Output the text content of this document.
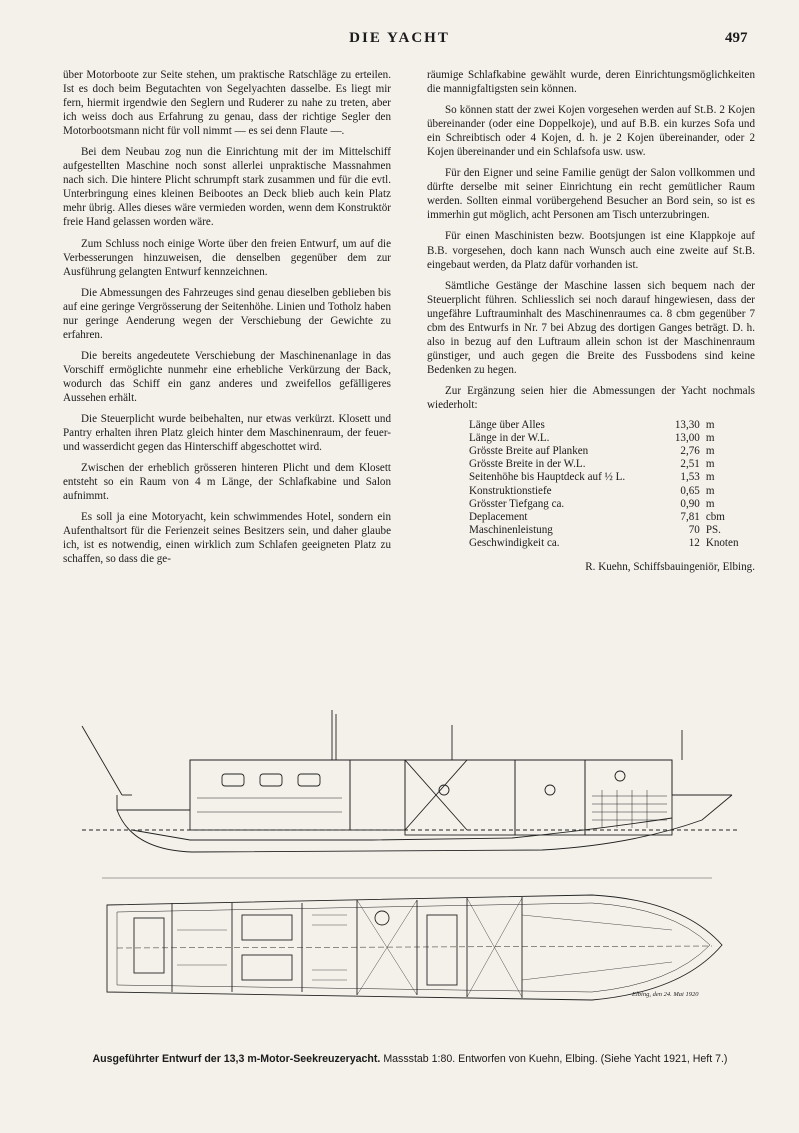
DIE YACHT	497

über Motorboote zur Seite stehen, um praktische Ratschläge zu erteilen. Ist es doch beim Begutachten von Segelyachten dasselbe. Es liegt mir fern, hiermit irgendwie den Seglern und Ruderer zu nahe zu treten, aber ich weiss doch aus Erfahrung zu genau, dass der richtige Segler den Motorbootsmann nicht für voll nimmt — es sei denn Flaute —.

Bei dem Neubau zog nun die Einrichtung mit der im Mittelschiff aufgestellten Maschine noch sonst allerlei unpraktische Massnahmen nach sich. Die hintere Plicht schrumpft stark zusammen und für die evtl. Unterbringung eines kleinen Beibootes an Deck blieb auch kein Platz mehr übrig. Alles dieses wäre vermieden worden, wenn dem Konstruktör freie Hand gelassen worden wäre.

Zum Schluss noch einige Worte über den freien Entwurf, um auf die Verbesserungen hinzuweisen, die denselben gegenüber dem zur Ausführung gelangten Entwurf kennzeichnen.

Die Abmessungen des Fahrzeuges sind genau dieselben geblieben bis auf eine geringe Vergrösserung der Seitenhöhe. Linien und Totholz haben nur geringe Aenderung wegen der Verschiebung der Gewichte zu erfahren.

Die bereits angedeutete Verschiebung der Maschinenanlage in das Vorschiff ermöglichte nunmehr eine erhebliche Verkürzung der Back, wodurch das Schiff ein ganz anderes und zweifellos gefälligeres Aussehen erhält.

Die Steuerplicht wurde beibehalten, nur etwas verkürzt. Klosett und Pantry erhalten ihren Platz gleich hinter dem Maschinenraum, der feuer- und wasserdicht gegen das Hinterschiff abgeschottet wird.

Zwischen der erheblich grösseren hinteren Plicht und dem Klosett entsteht so ein Raum von 4 m Länge, der Schlafkabine und Salon aufnimmt.

Es soll ja eine Motoryacht, kein schwimmendes Hotel, sondern ein Aufenthaltsort für die Ferienzeit seines Besitzers sein, und daher glaube ich, ist es notwendig, einen wirklich zum Schlafen geeigneten Platz zu schaffen, so dass die ge-

räumige Schlafkabine gewählt wurde, deren Einrichtungsmöglichkeiten die mannigfaltigsten sein können.

So können statt der zwei Kojen vorgesehen werden auf St.B. 2 Kojen übereinander (oder eine Doppelkoje), und auf B.B. ein kurzes Sofa und ein Schreibtisch oder 4 Kojen, d. h. je 2 Kojen übereinander, oder 2 Kojen übereinander und ein Schlafsofa usw. usw.

Für den Eigner und seine Familie genügt der Salon vollkommen und dürfte derselbe mit seiner Einrichtung ein recht gemütlicher Raum werden. Sollten einmal vorübergehend Besucher an Bord sein, so ist es immerhin gut möglich, acht Personen am Tisch unterzubringen.

Für einen Maschinisten bezw. Bootsjungen ist eine Klappkoje auf B.B. vorgesehen, doch kann nach Wunsch auch eine zweite auf St.B. eingebaut werden, da Platz dafür vorhanden ist.

Sämtliche Gestänge der Maschine lassen sich bequem nach der Steuerplicht führen. Schliesslich sei noch darauf hingewiesen, dass der ungefähre Luftrauminhalt des Maschinenraumes ca. 8 cbm gegenüber 7 cbm des Entwurfs in Nr. 7 bei Abzug des dortigen Ganges beträgt. D. h. also in bezug auf den Luftraum allein schon ist der Maschinenraum günstiger, und auch gegen die Breite des Fussbodens sind keine Bedenken zu hegen.

Zur Ergänzung seien hier die Abmessungen der Yacht nochmals wiederholt:

Länge über Alles	13,30	m
Länge in der W.L.	13,00	m
Grösste Breite auf Planken	2,76	m
Grösste Breite in der W.L.	2,51	m
Seitenhöhe bis Hauptdeck auf ½ L.	1,53	m
Konstruktionstiefe	0,65	m
Grösster Tiefgang ca.	0,90	m
Deplacement	7,81	cbm
Maschinenleistung	70	PS.
Geschwindigkeit ca.	12	Knoten
R. Kuehn, Schiffsbauingeniör, Elbing.
Elbing, den 24. Mai 1920
Ausgeführter Entwurf der 13,3 m-Motor-Seekreuzeryacht. Massstab 1:80. Entworfen von Kuehn, Elbing. (Siehe Yacht 1921, Heft 7.)
